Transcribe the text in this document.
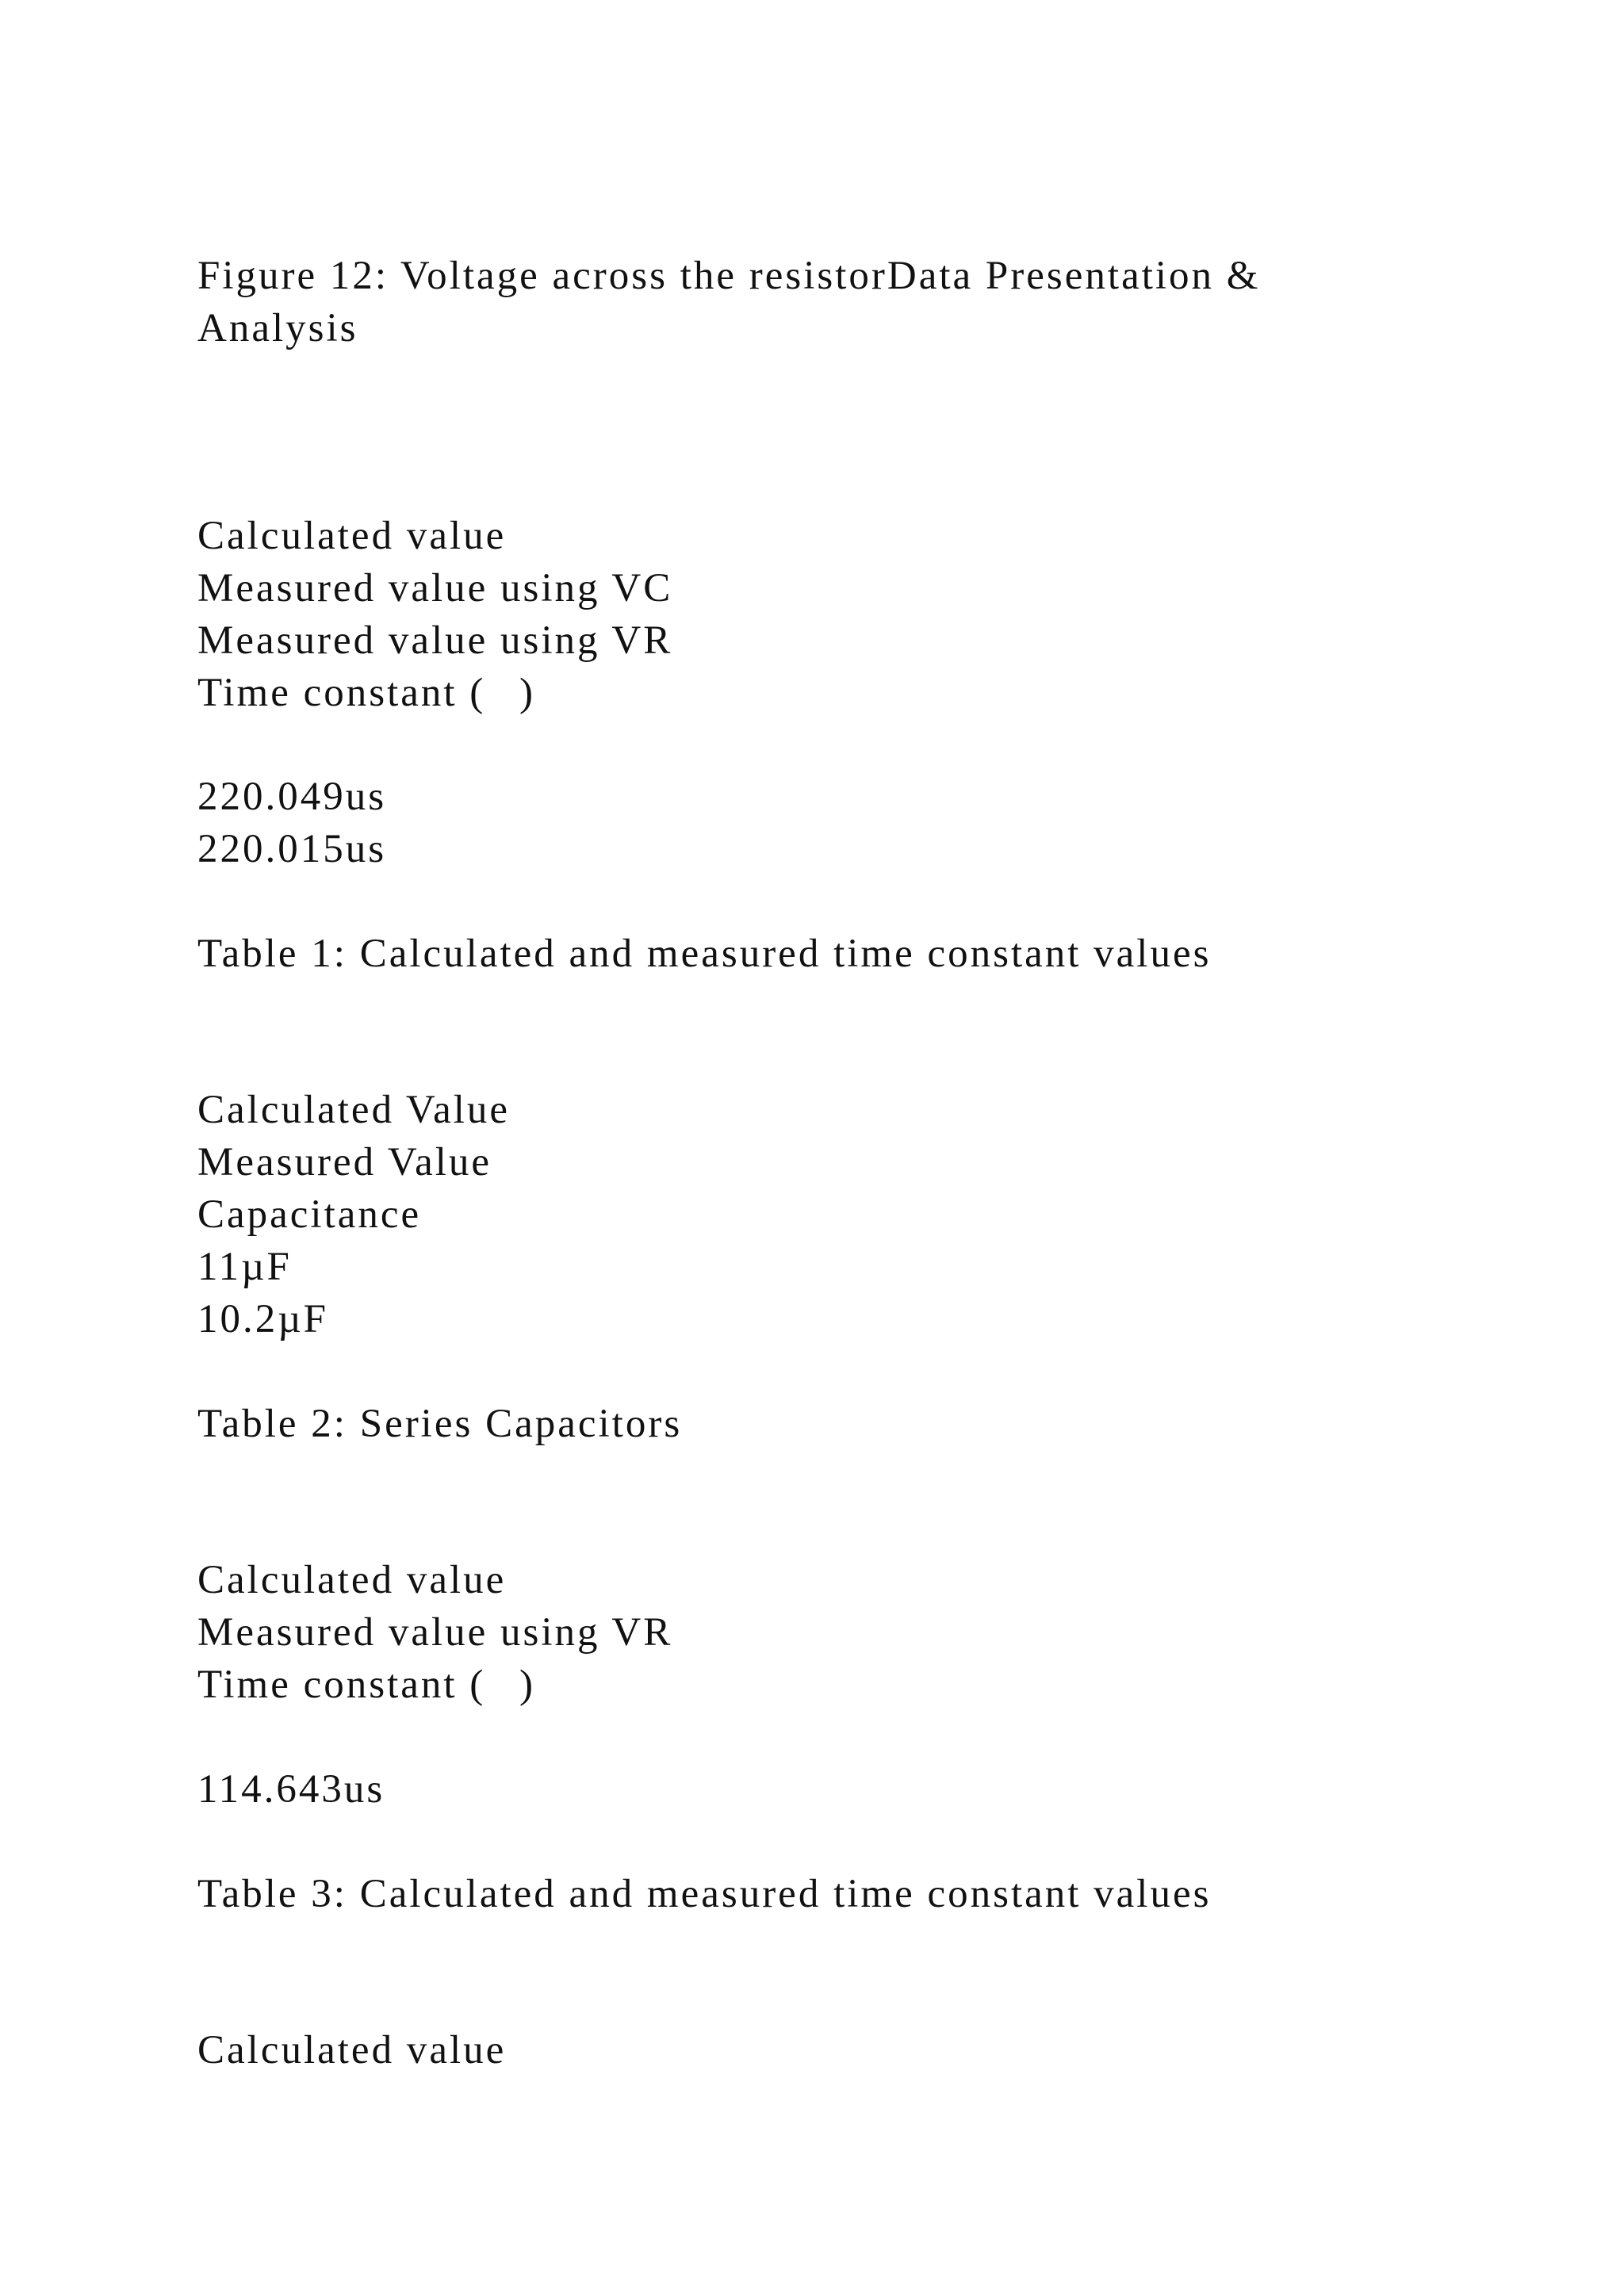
Figure 12: Voltage across the resistorData Presentation &

Analysis

Calculated value

Measured value using VC

Measured value using VR

Time constant ( )

220.049us

220.015us

Table 1: Calculated and measured time constant values

Calculated Value

Measured Value

Capacitance

11µF

10.2µF

Table 2: Series Capacitors

Calculated value

Measured value using VR

Time constant ( )

114.643us

Table 3: Calculated and measured time constant values

Calculated value
